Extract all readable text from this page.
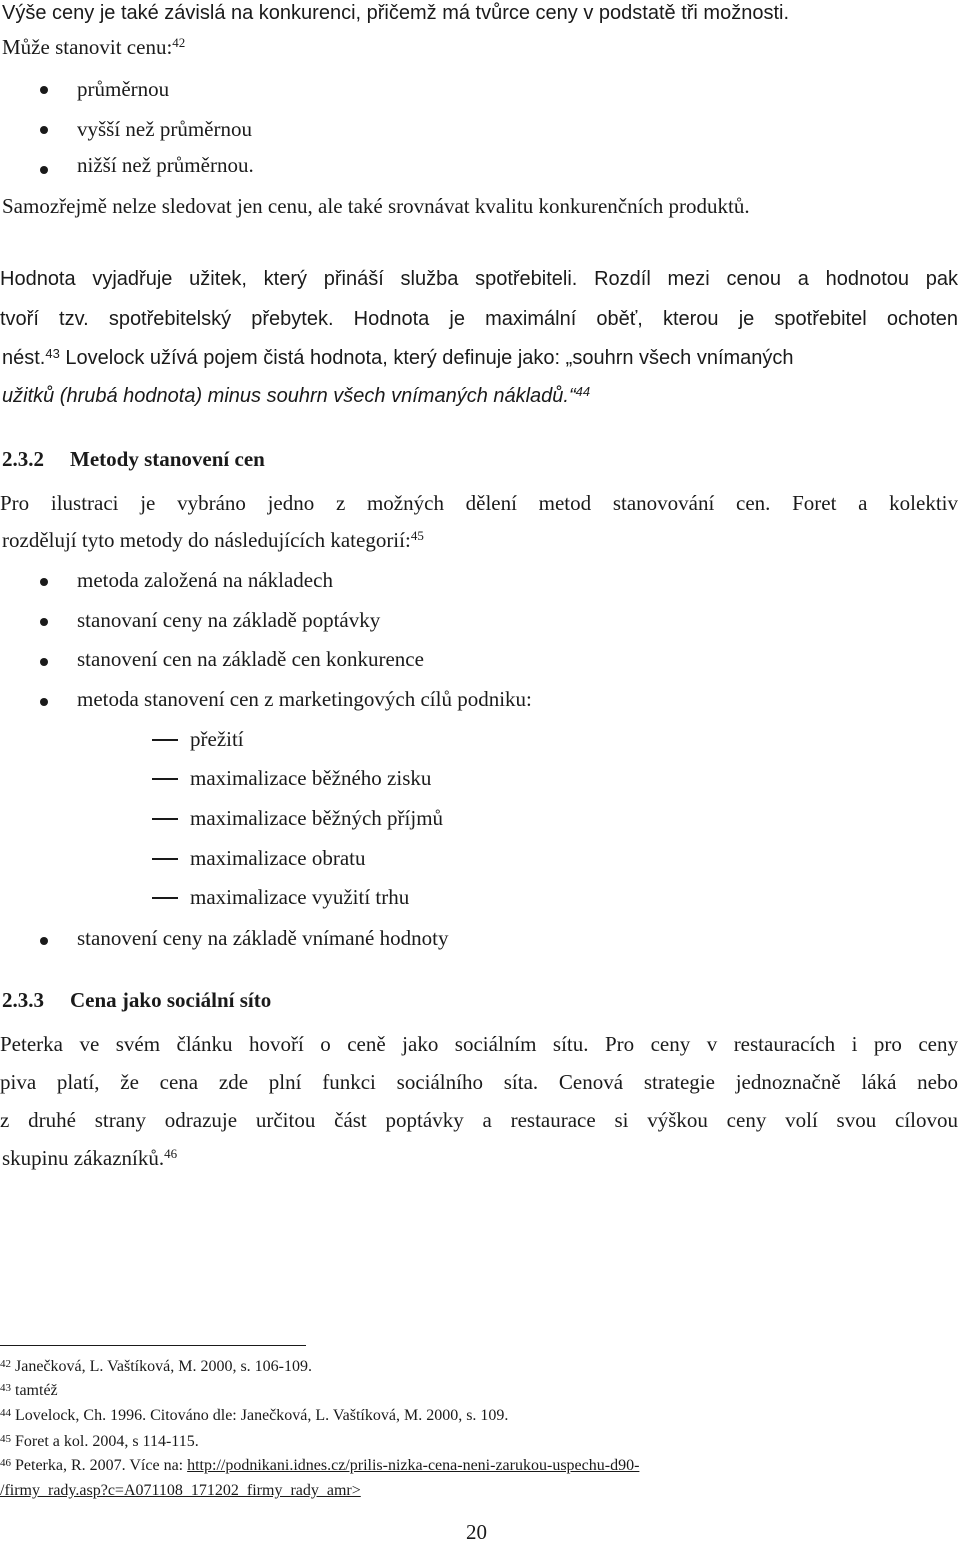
Výše ceny je také závislá na konkurenci, přičemž má tvůrce ceny v podstatě tři možnosti.
Může stanovit cenu:$^{42}$
průměrnou
vyšší než průměrnou
nižší než průměrnou.
Samozřejmě nelze sledovat jen cenu, ale také srovnávat kvalitu konkurenčních produktů.
Hodnota vyjadřuje užitek, který přináší služba spotřebiteli. Rozdíl mezi cenou a hodnotou pak
tvoří tzv. spotřebitelský přebytek. Hodnota je maximální oběť, kterou je spotřebitel ochoten
nést.$^{43}$ Lovelock užívá pojem čistá hodnota, který definuje jako: „souhrn všech vnímaných
užitků (hrubá hodnota) minus souhrn všech vnímaných nákladů.“$^{44}$
2.3.2 Metody stanovení cen
Pro ilustraci je vybráno jedno z možných dělení metod stanovování cen. Foret a kolektiv
rozdělují tyto metody do následujících kategorií:$^{45}$
metoda založená na nákladech
stanovaní ceny na základě poptávky
stanovení cen na základě cen konkurence
metoda stanovení cen z marketingových cílů podniku:
přežití
maximalizace běžného zisku
maximalizace běžných příjmů
maximalizace obratu
maximalizace využití trhu
stanovení ceny na základě vnímané hodnoty
2.3.3 Cena jako sociální síto
Peterka ve svém článku hovoří o ceně jako sociálním sítu. Pro ceny v restauracích i pro ceny
piva platí, že cena zde plní funkci sociálního síta. Cenová strategie jednoznačně láká nebo
z druhé strany odrazuje určitou část poptávky a restaurace si výškou ceny volí svou cílovou
skupinu zákazníků.$^{46}$
$^{42}$ Janečková, L. Vaštíková, M. 2000, s. 106-109.
$^{43}$ tamtéž
$^{44}$ Lovelock, Ch. 1996. Citováno dle: Janečková, L. Vaštíková, M. 2000, s. 109.
$^{45}$ Foret a kol. 2004, s 114-115.
$^{46}$ Peterka, R. 2007. Více na: http://podnikani.idnes.cz/prilis-nizka-cena-neni-zarukou-uspechu-d90-
/firmy_rady.asp?c=A071108_171202_firmy_rady_amr>
20
